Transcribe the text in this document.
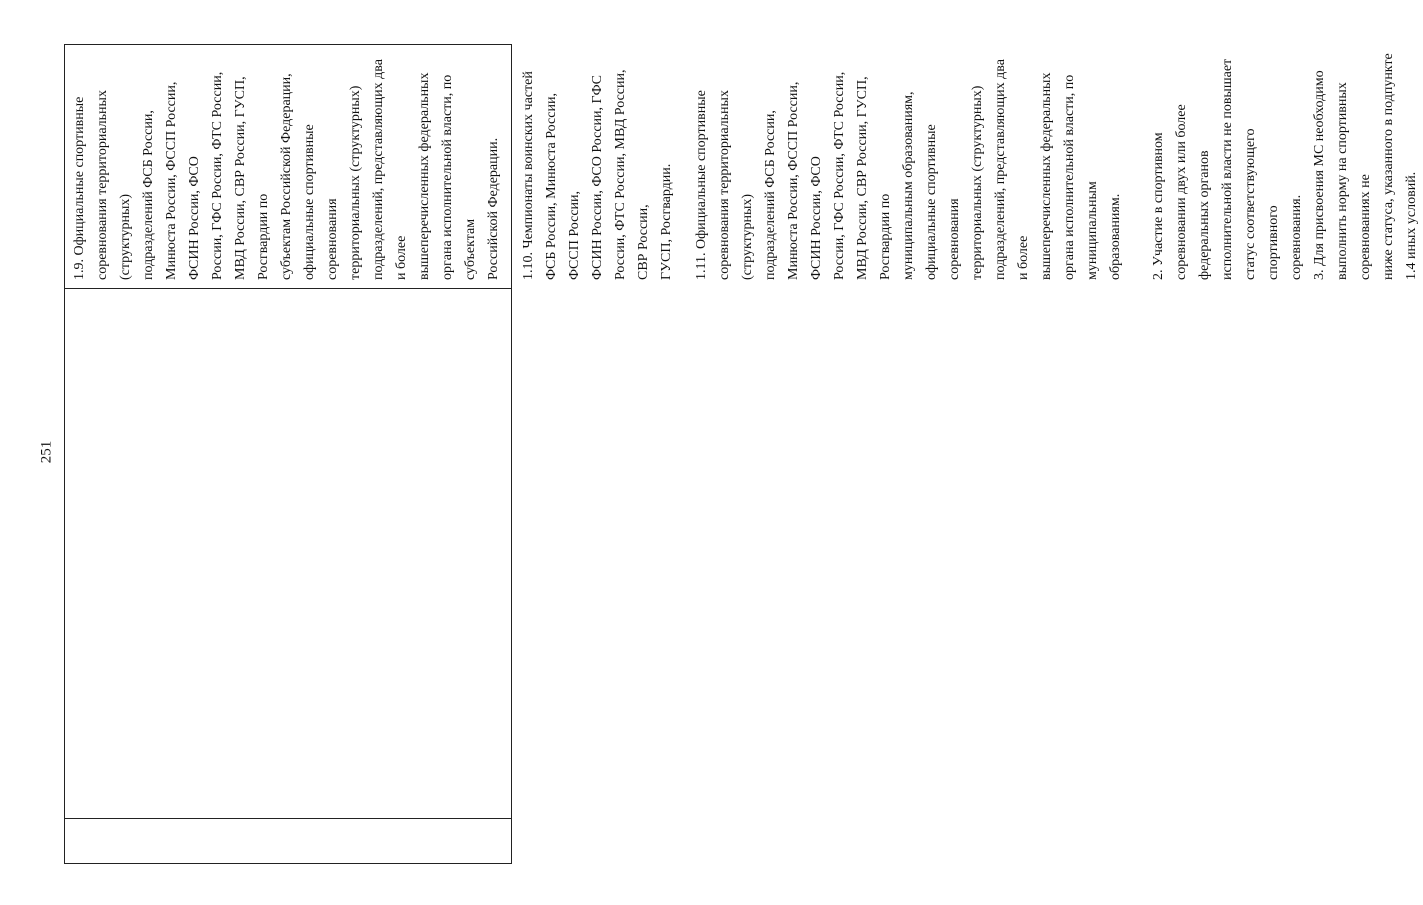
251
1.9. Официальные спортивные соревнования территориальных (структурных) подразделений ФСБ России, Минюста России, ФССП России, ФСИН России, ФСО России, ГФС России, ФТС России, МВД России, СВР России, ГУСП, Росгвардии по субъектам Российской Федерации, официальные спортивные соревнования территориальных (структурных) подразделений, представляющих два и более вышеперечисленных федеральных органа исполнительной власти, по субъектам Российской Федерации. 1.10. Чемпионаты воинских частей ФСБ России, Минюста России, ФССП России, ФСИН России, ФСО России, ГФС России, ФТС России, МВД России, СВР России, ГУСП, Росгвардии. 1.11. Официальные спортивные соревнования территориальных (структурных) подразделений ФСБ России, Минюста России, ФССП России, ФСИН России, ФСО России, ГФС России, ФТС России, МВД России, СВР России, ГУСП, Росгвардии по муниципальным образованиям, официальные спортивные соревнования территориальных (структурных) подразделений, представляющих два и более вышеперечисленных федеральных органа исполнительной власти, по муниципальным образованиям. 2. Участие в спортивном соревновании двух или более федеральных органов исполнительной власти не повышает статус соответствующего спортивного соревнования. 3. Для присвоения МС необходимо выполнить норму на спортивных соревнованиях не ниже статуса, указанного в подпункте 1.4 иных условий.
